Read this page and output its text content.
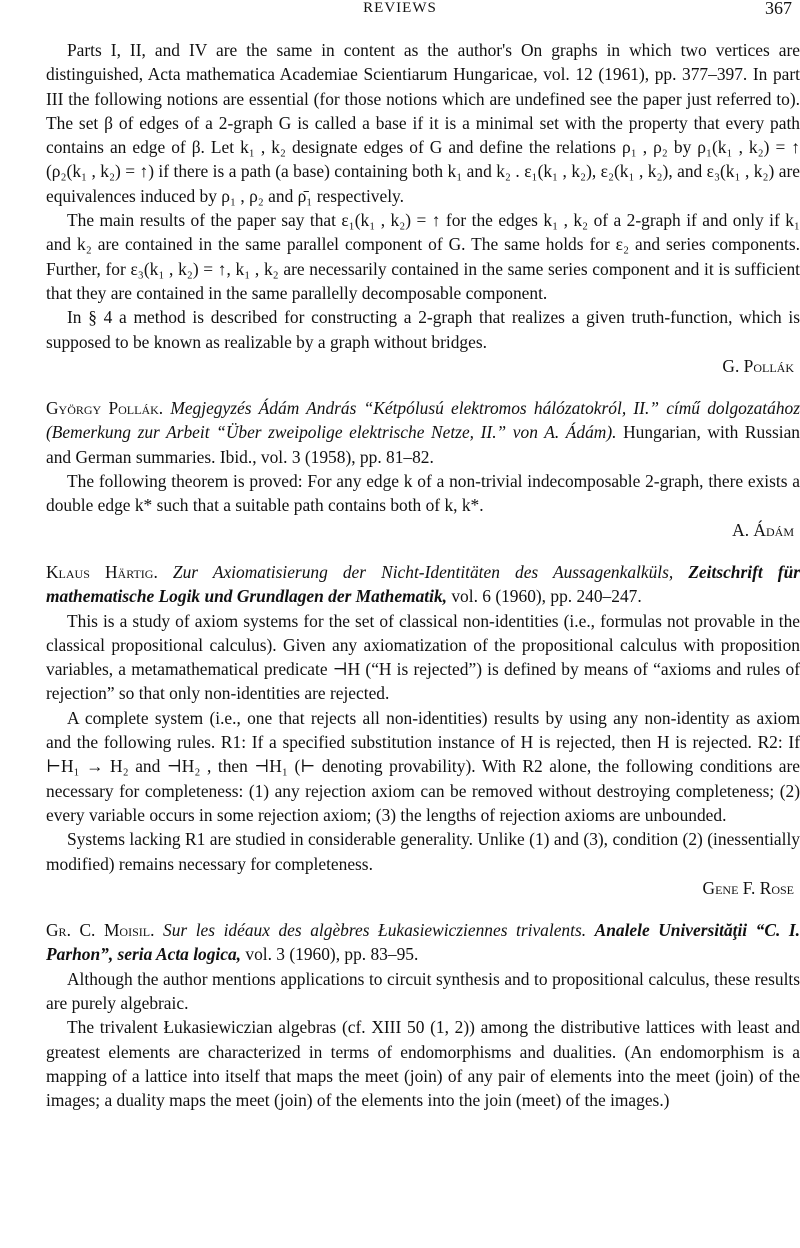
REVIEWS	367

Parts I, II, and IV are the same in content as the author's On graphs in which two vertices are distinguished, Acta mathematica Academiae Scientiarum Hungaricae, vol. 12 (1961), pp. 377–397. In part III the following notions are essential (for those notions which are undefined see the paper just referred to). The set β of edges of a 2-graph G is called a base if it is a minimal set with the property that every path contains an edge of β. Let k₁ , k₂ designate edges of G and define the relations ρ₁ , ρ₂ by ρ₁(k₁ , k₂) = ↑ (ρ₂(k₁ , k₂) = ↑) if there is a path (a base) containing both k₁ and k₂ . ε₁(k₁ , k₂), ε₂(k₁ , k₂), and ε₃(k₁ , k₂) are equivalences induced by ρ₁ , ρ₂ and ρ̄₁ respectively.

The main results of the paper say that ε₁(k₁ , k₂) = ↑ for the edges k₁ , k₂ of a 2-graph if and only if k₁ and k₂ are contained in the same parallel component of G. The same holds for ε₂ and series components. Further, for ε₃(k₁ , k₂) = ↑, k₁ , k₂ are necessarily contained in the same series component and it is sufficient that they are contained in the same parallelly decomposable component.

In § 4 a method is described for constructing a 2-graph that realizes a given truth-function, which is supposed to be known as realizable by a graph without bridges.

G. Pollák

György Pollák. Megjegyzés Ádám András “Kétpólusú elektromos hálózatokról, II.” című dolgozatához (Bemerkung zur Arbeit “Über zweipolige elektrische Netze, II.” von A. Ádám). Hungarian, with Russian and German summaries. Ibid., vol. 3 (1958), pp. 81–82.

The following theorem is proved: For any edge k of a non-trivial indecomposable 2-graph, there exists a double edge k* such that a suitable path contains both of k, k*.

A. Ádám

Klaus Härtig. Zur Axiomatisierung der Nicht-Identitäten des Aussagenkalküls, Zeitschrift für mathematische Logik und Grundlagen der Mathematik, vol. 6 (1960), pp. 240–247.

This is a study of axiom systems for the set of classical non-identities (i.e., formulas not provable in the classical propositional calculus). Given any axiomatization of the propositional calculus with proposition variables, a metamathematical predicate ⊣H (“H is rejected”) is defined by means of “axioms and rules of rejection” so that only non-identities are rejected.

A complete system (i.e., one that rejects all non-identities) results by using any non-identity as axiom and the following rules. R1: If a specified substitution instance of H is rejected, then H is rejected. R2: If ⊢H₁ → H₂ and ⊣H₂ , then ⊣H₁ (⊢ denoting provability). With R2 alone, the following conditions are necessary for completeness: (1) any rejection axiom can be removed without destroying completeness; (2) every variable occurs in some rejection axiom; (3) the lengths of rejection axioms are unbounded.

Systems lacking R1 are studied in considerable generality. Unlike (1) and (3), condition (2) (inessentially modified) remains necessary for completeness.

Gene F. Rose

Gr. C. Moisil. Sur les idéaux des algèbres Łukasiewicziennes trivalents. Analele Universităţii “C. I. Parhon”, seria Acta logica, vol. 3 (1960), pp. 83–95.

Although the author mentions applications to circuit synthesis and to propositional calculus, these results are purely algebraic.

The trivalent Łukasiewiczian algebras (cf. XIII 50 (1, 2)) among the distributive lattices with least and greatest elements are characterized in terms of endomorphisms and dualities. (An endomorphism is a mapping of a lattice into itself that maps the meet (join) of any pair of elements into the meet (join) of the images; a duality maps the meet (join) of the elements into the join (meet) of the images.)
